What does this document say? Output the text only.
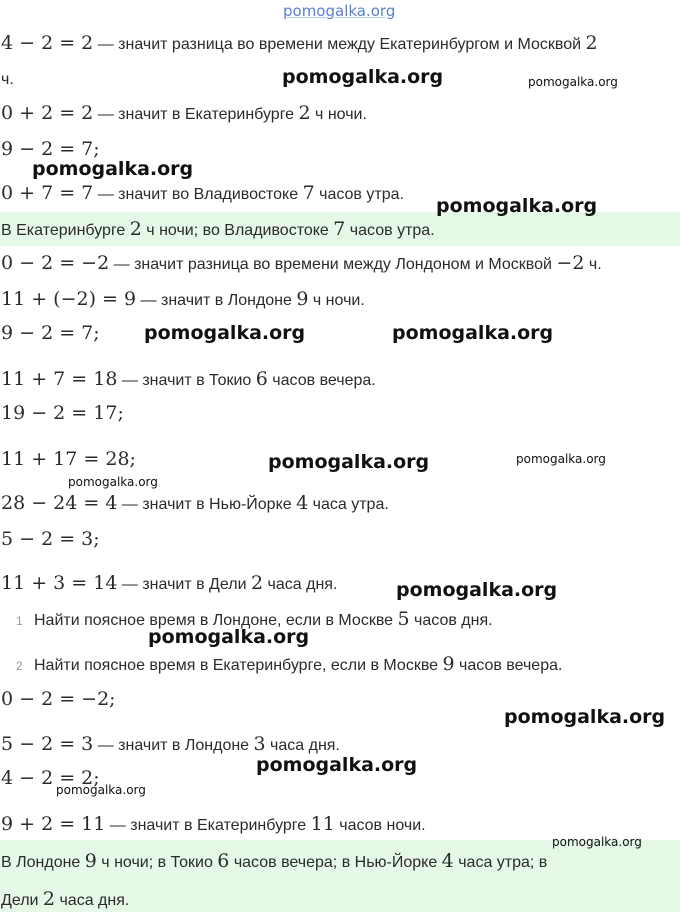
pomogalka.org
4 − 2 = 2 — значит разница во времени между Екатеринбургом и Москвой 2
ч.
0 + 2 = 2 — значит в Екатеринбурге 2 ч ночи.
9 − 2 = 7;
0 + 7 = 7 — значит во Владивостоке 7 часов утра.
В Екатеринбурге 2 ч ночи; во Владивостоке 7 часов утра.
0 − 2 = −2 — значит разница во времени между Лондоном и Москвой −2 ч.
11 + (−2) = 9 — значит в Лондоне 9 ч ночи.
9 − 2 = 7;
11 + 7 = 18 — значит в Токио 6 часов вечера.
19 − 2 = 17;
11 + 17 = 28;
28 − 24 = 4 — значит в Нью-Йорке 4 часа утра.
5 − 2 = 3;
11 + 3 = 14 — значит в Дели 2 часа дня.
1 Найти поясное время в Лондоне, если в Москве 5 часов дня.
2 Найти поясное время в Екатеринбурге, если в Москве 9 часов вечера.
0 − 2 = −2;
5 − 2 = 3 — значит в Лондоне 3 часа дня.
4 − 2 = 2;
9 + 2 = 11 — значит в Екатеринбурге 11 часов ночи.
В Лондоне 9 ч ночи; в Токио 6 часов вечера; в Нью-Йорке 4 часа утра; в
Дели 2 часа дня.
pomogalka.org	pomogalka.org
pomogalka.org
pomogalka.org
pomogalka.org	pomogalka.org
pomogalka.org	pomogalka.org
pomogalka.org
pomogalka.org
pomogalka.org
pomogalka.org
pomogalka.org
pomogalka.org
pomogalka.org
